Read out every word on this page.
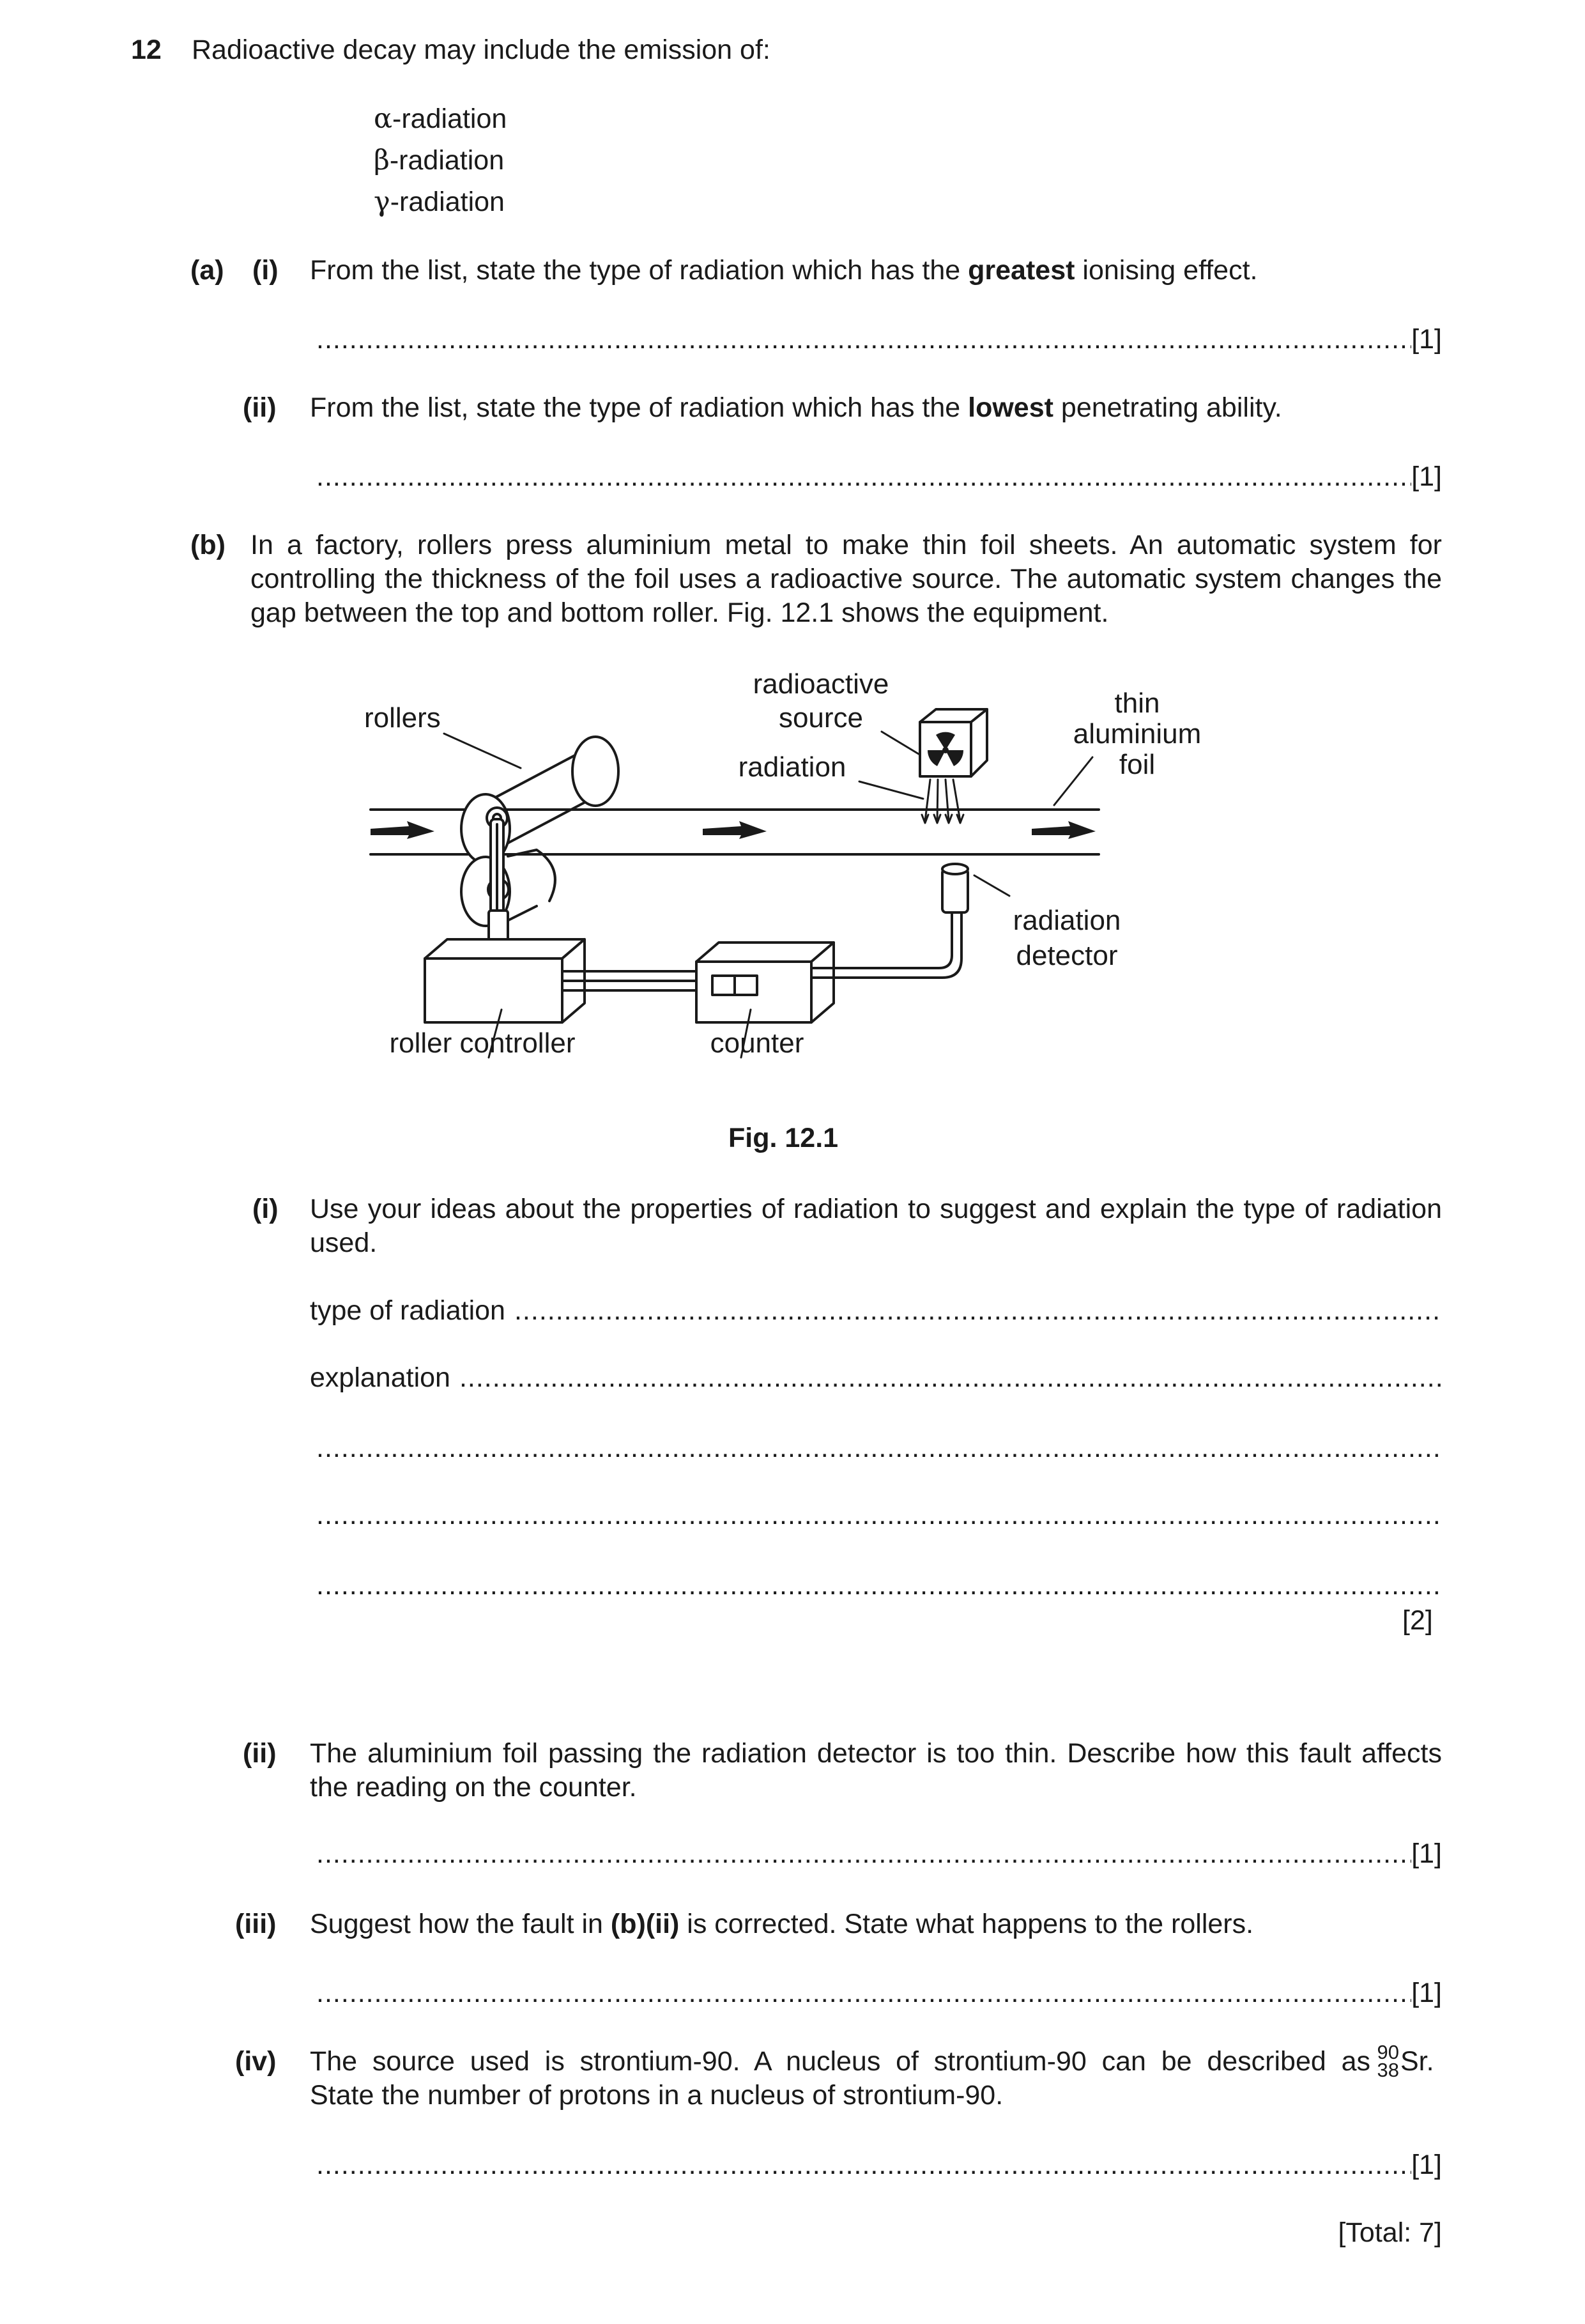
12 Radioactive decay may include the emission of:
α-radiation
β-radiation
γ-radiation
(a) (i) From the list, state the type of radiation which has the greatest ionising effect.
.....
[1]
(ii) From the list, state the type of radiation which has the lowest penetrating ability.
.....
[1]
(b) In a factory, rollers press aluminium metal to make thin foil sheets. An automatic system for controlling the thickness of the foil uses a radioactive source. The automatic system changes the gap between the top and bottom roller. Fig. 12.1 shows the equipment.
rollers
radioactive
source
radiation
thin
aluminium
foil
radiation
detector
roller controller	counter
Fig. 12.1
(i) Use your ideas about the properties of radiation to suggest and explain the type of radiation used.
type of radiation
.....
explanation
.....
.....
.....
.....
[2]
(ii) The aluminium foil passing the radiation detector is too thin. Describe how this fault affects the reading on the counter.
.....
[1]
(iii) Suggest how the fault in (b)(ii) is corrected. State what happens to the rollers.
.....
[1]
(iv) The source used is strontium-90. A nucleus of strontium-90 can be described as 90
38 Sr.
State the number of protons in a nucleus of strontium-90.
.....
[1]
[Total: 7]
